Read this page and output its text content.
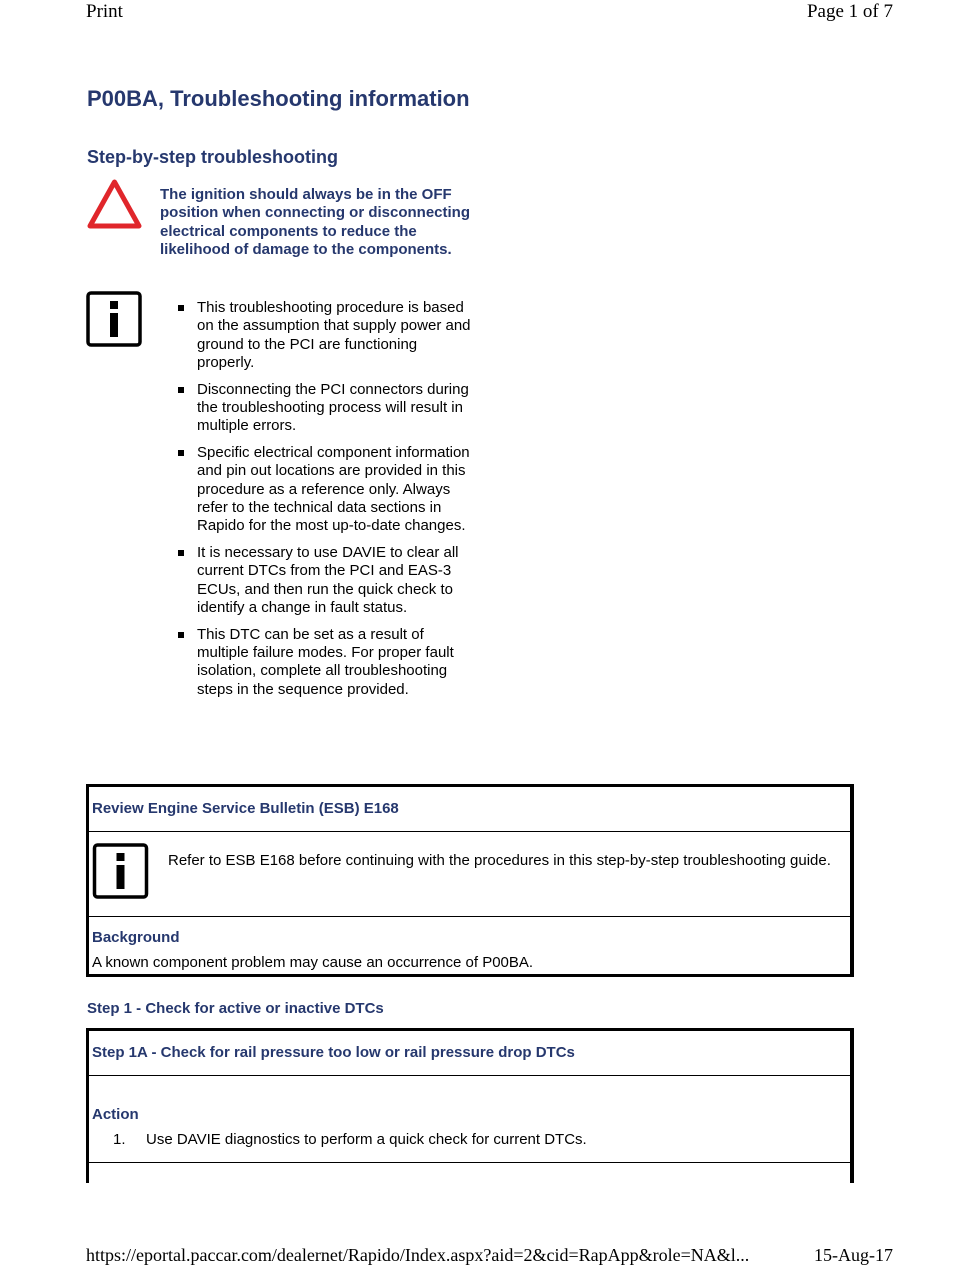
Print	Page 1 of 7
P00BA, Troubleshooting information
Step-by-step troubleshooting
The ignition should always be in the OFF position when connecting or disconnecting electrical components to reduce the likelihood of damage to the components.
This troubleshooting procedure is based on the assumption that supply power and ground to the PCI are functioning properly.
Disconnecting the PCI connectors during the troubleshooting process will result in multiple errors.
Specific electrical component information and pin out locations are provided in this procedure as a reference only. Always refer to the technical data sections in Rapido for the most up-to-date changes.
It is necessary to use DAVIE to clear all current DTCs from the PCI and EAS-3 ECUs, and then run the quick check to identify a change in fault status.
This DTC can be set as a result of multiple failure modes. For proper fault isolation, complete all troubleshooting steps in the sequence provided.
Review Engine Service Bulletin (ESB) E168
Refer to ESB E168 before continuing with the procedures in this step-by-step troubleshooting guide.
Background
A known component problem may cause an occurrence of P00BA.
Step 1 - Check for active or inactive DTCs
Step 1A - Check for rail pressure too low or rail pressure drop DTCs
Action
1. Use DAVIE diagnostics to perform a quick check for current DTCs.
https://eportal.paccar.com/dealernet/Rapido/Index.aspx?aid=2&cid=RapApp&role=NA&l...	15-Aug-17
